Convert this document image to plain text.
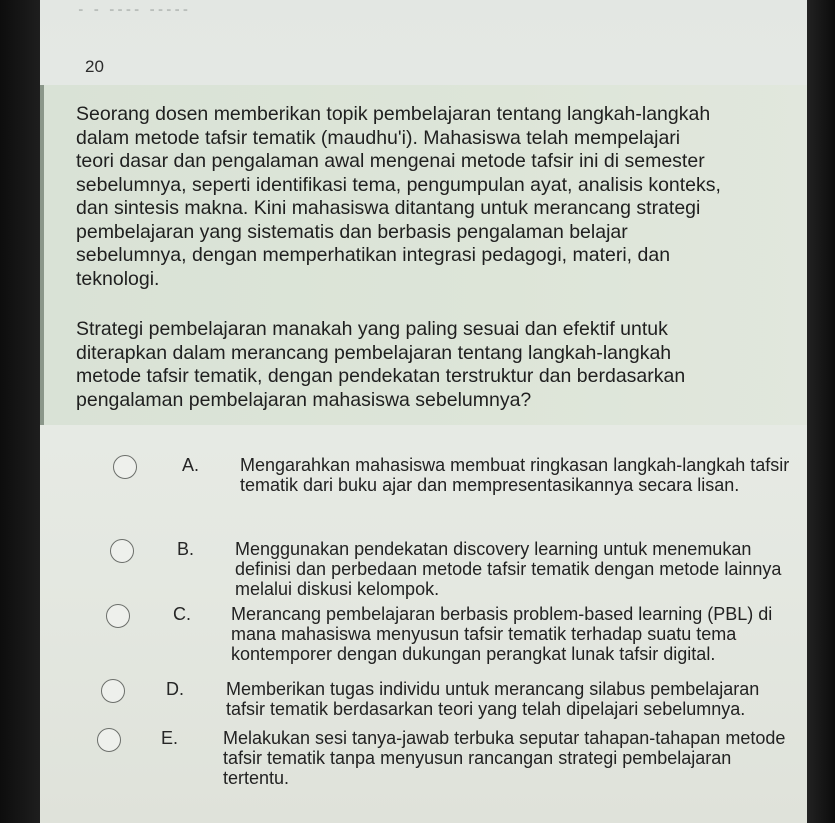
▪ ▪ ▪▪▪▪ ▪▪▪▪▪
20

Seorang dosen memberikan topik pembelajaran tentang langkah-langkah
dalam metode tafsir tematik (maudhu'i). Mahasiswa telah mempelajari
teori dasar dan pengalaman awal mengenai metode tafsir ini di semester
sebelumnya, seperti identifikasi tema, pengumpulan ayat, analisis konteks,
dan sintesis makna. Kini mahasiswa ditantang untuk merancang strategi
pembelajaran yang sistematis dan berbasis pengalaman belajar
sebelumnya, dengan memperhatikan integrasi pedagogi, materi, dan
teknologi.

Strategi pembelajaran manakah yang paling sesuai dan efektif untuk
diterapkan dalam merancang pembelajaran tentang langkah-langkah
metode tafsir tematik, dengan pendekatan terstruktur dan berdasarkan
pengalaman pembelajaran mahasiswa sebelumnya?

A. Mengarahkan mahasiswa membuat ringkasan langkah-langkah tafsir
tematik dari buku ajar dan mempresentasikannya secara lisan.

B. Menggunakan pendekatan discovery learning untuk menemukan
definisi dan perbedaan metode tafsir tematik dengan metode lainnya
melalui diskusi kelompok.

C. Merancang pembelajaran berbasis problem-based learning (PBL) di
mana mahasiswa menyusun tafsir tematik terhadap suatu tema
kontemporer dengan dukungan perangkat lunak tafsir digital.

D. Memberikan tugas individu untuk merancang silabus pembelajaran
tafsir tematik berdasarkan teori yang telah dipelajari sebelumnya.

E. Melakukan sesi tanya-jawab terbuka seputar tahapan-tahapan metode
tafsir tematik tanpa menyusun rancangan strategi pembelajaran
tertentu.
